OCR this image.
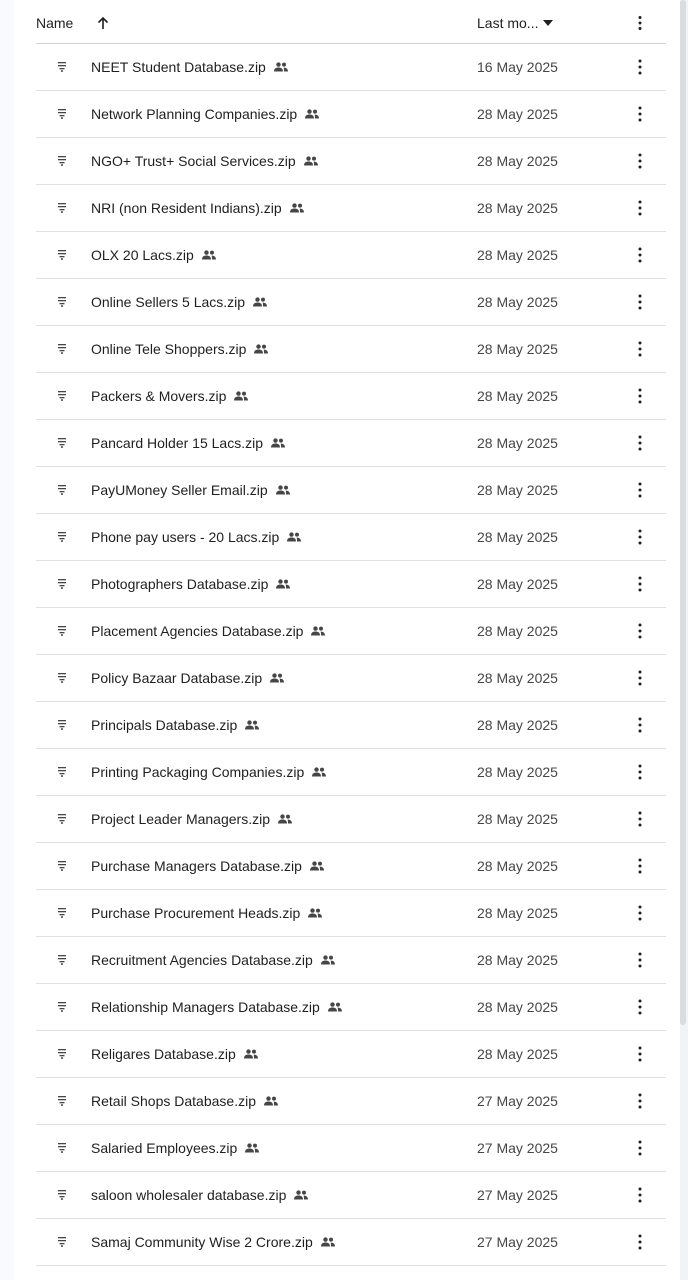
Name	Last mo...
NEET Student Database.zip	16 May 2025
Network Planning Companies.zip	28 May 2025
NGO+ Trust+ Social Services.zip	28 May 2025
NRI (non Resident Indians).zip	28 May 2025
OLX 20 Lacs.zip	28 May 2025
Online Sellers 5 Lacs.zip	28 May 2025
Online Tele Shoppers.zip	28 May 2025
Packers & Movers.zip	28 May 2025
Pancard Holder 15 Lacs.zip	28 May 2025
PayUMoney Seller Email.zip	28 May 2025
Phone pay users - 20 Lacs.zip	28 May 2025
Photographers Database.zip	28 May 2025
Placement Agencies Database.zip	28 May 2025
Policy Bazaar Database.zip	28 May 2025
Principals Database.zip	28 May 2025
Printing Packaging Companies.zip	28 May 2025
Project Leader Managers.zip	28 May 2025
Purchase Managers Database.zip	28 May 2025
Purchase Procurement Heads.zip	28 May 2025
Recruitment Agencies Database.zip	28 May 2025
Relationship Managers Database.zip	28 May 2025
Religares Database.zip	28 May 2025
Retail Shops Database.zip	27 May 2025
Salaried Employees.zip	27 May 2025
saloon wholesaler database.zip	27 May 2025
Samaj Community Wise 2 Crore.zip	27 May 2025
